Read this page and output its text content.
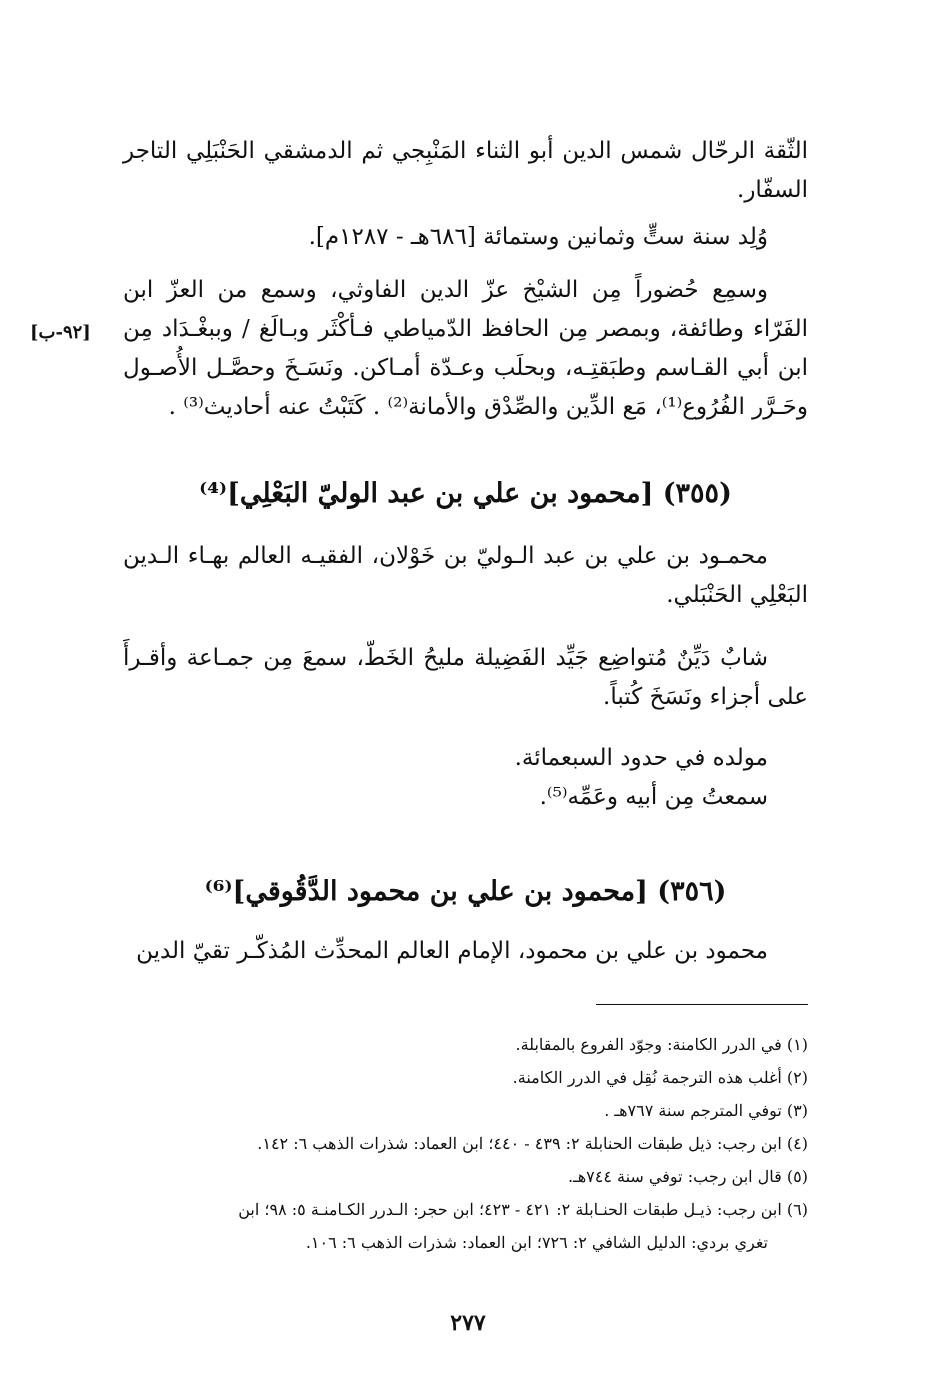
الثّقة الرحّال شمس الدين أبو الثناء المَنْبِجي ثم الدمشقي الحَنْبَلِي التاجر السفّار.

وُلِد سنة ستٍّ وثمانين وستمائة [٦٨٦هـ - ١٢٨٧م].

وسمِع حُضوراً مِن الشيْخ عزّ الدين الفاوثي، وسمع من العزّ ابن الفَرّاء وطائفة، وبمصر مِن الحافظ الدّمياطي فـأكْثَر وبـالَغ / وببغْـدَاد مِن ابن أبي القـاسم وطبَقتِـه، وبحلَب وعـدّة أمـاكن. ونَسَـخَ وحصَّـل الأُصـول وحَـرَّر الفُرُوع⁽¹⁾، مَع الدِّين والصِّدْق والأمانة⁽²⁾ . كَتَبْتُ عنه أحاديث⁽³⁾ .

[٩٢-ب]
(٣٥٥) [محمود بن علي بن عبد الوليّ البَعْلِي]⁽⁴⁾

محمـود بن علي بن عبد الـوليّ بن خَوْلان، الفقيـه العالم بهـاء الـدين البَعْلِي الحَنْبَلي.

شابٌ دَيِّنٌ مُتواضِع جَيِّد الفَضِيلة مليحُ الخَطّ، سمعَ مِن جمـاعة وأقـرأَ على أجزاء ونَسَخَ كُتباً.

مولده في حدود السبعمائة.

سمعتُ مِن أبيه وعَمِّه⁽⁵⁾.

(٣٥٦) [محمود بن علي بن محمود الدَّقُوقي]⁽⁶⁾

محمود بن علي بن محمود، الإمام العالم المحدِّث المُذكّـر تقيّ الدين

(١) في الدرر الكامنة: وجوّد الفروع بالمقابلة.

(٢) أغلب هذه الترجمة نُقِل في الدرر الكامنة.

(٣) توفي المترجم سنة ٧٦٧هـ .

(٤) ابن رجب: ذيل طبقات الحنابلة ٢: ٤٣٩ - ٤٤٠؛ ابن العماد: شذرات الذهب ٦: ١٤٢.

(٥) قال ابن رجب: توفي سنة ٧٤٤هـ.

(٦) ابن رجب: ذيـل طبقات الحنـابلة ٢: ٤٢١ - ٤٢٣؛ ابن حجر: الـدرر الكـامنـة ٥: ٩٨؛ ابن

تغري بردي: الدليل الشافي ٢: ٧٢٦؛ ابن العماد: شذرات الذهب ٦: ١٠٦.

٢٧٧
